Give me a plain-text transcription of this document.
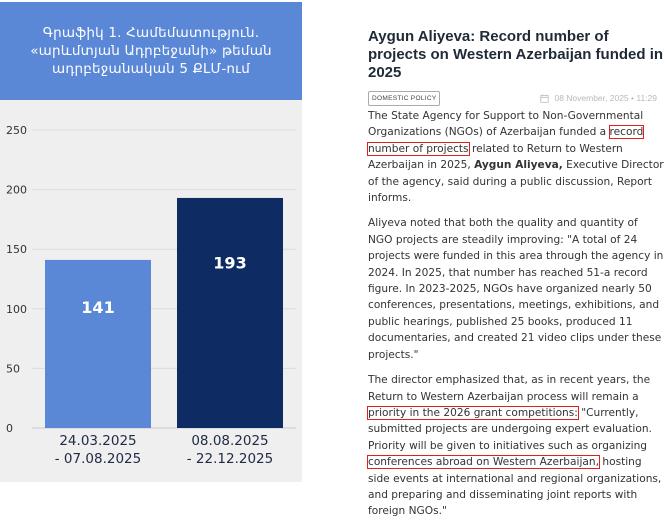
Գրաֆիկ 1. Համեմատություն.
«արևմտյան Ադրբեջանի» թեման
ադրբեջանական 5 ՔԼՄ-ում
0
50
100
150
200
250
141
24.03.2025
- 07.08.2025
193
08.08.2025
- 22.12.2025
Aygun Aliyeva: Record number of projects on Western Azerbaijan funded in 2025
DOMESTIC POLICY	08 November, 2025 • 11:29

The State Agency for Support to Non-Governmental Organizations (NGOs) of Azerbaijan funded a record number of projects related to Return to Western Azerbaijan in 2025, Aygun Aliyeva, Executive Director of the agency, said during a public discussion, Report informs.

Aliyeva noted that both the quality and quantity of NGO projects are steadily improving: "A total of 24 projects were funded in this area through the agency in 2024. In 2025, that number has reached 51-a record figure. In 2023-2025, NGOs have organized nearly 50 conferences, presentations, meetings, exhibitions, and public hearings, published 25 books, produced 11 documentaries, and created 21 video clips under these projects."

The director emphasized that, as in recent years, the Return to Western Azerbaijan process will remain a priority in the 2026 grant competitions: "Currently, submitted projects are undergoing expert evaluation. Priority will be given to initiatives such as organizing conferences abroad on Western Azerbaijan, hosting side events at international and regional organizations, and preparing and disseminating joint reports with foreign NGOs."
